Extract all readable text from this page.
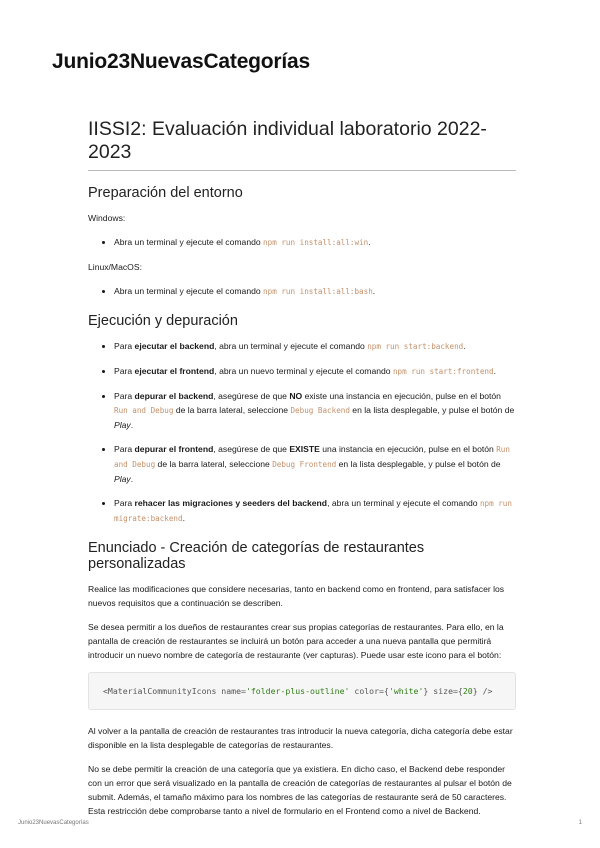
Junio23NuevasCategorías
IISSI2: Evaluación individual laboratorio 2022-2023
Preparación del entorno

Windows:

• Abra un terminal y ejecute el comando npm run install:all:win.

Linux/MacOS:

• Abra un terminal y ejecute el comando npm run install:all:bash.
Ejecución y depuración
• Para ejecutar el backend, abra un terminal y ejecute el comando npm run start:backend.
• Para ejecutar el frontend, abra un nuevo terminal y ejecute el comando npm run start:frontend.
• Para depurar el backend, asegúrese de que NO existe una instancia en ejecución, pulse en el botón Run and Debug de la barra lateral, seleccione Debug Backend en la lista desplegable, y pulse el botón de Play.
• Para depurar el frontend, asegúrese de que EXISTE una instancia en ejecución, pulse en el botón Run and Debug de la barra lateral, seleccione Debug Frontend en la lista desplegable, y pulse el botón de Play.
• Para rehacer las migraciones y seeders del backend, abra un terminal y ejecute el comando npm run migrate:backend.
Enunciado - Creación de categorías de restaurantes personalizadas

Realice las modificaciones que considere necesarias, tanto en backend como en frontend, para satisfacer los nuevos requisitos que a continuación se describen.

Se desea permitir a los dueños de restaurantes crear sus propias categorías de restaurantes. Para ello, en la pantalla de creación de restaurantes se incluirá un botón para acceder a una nueva pantalla que permitirá introducir un nuevo nombre de categoría de restaurante (ver capturas). Puede usar este icono para el botón:

<MaterialCommunityIcons name='folder-plus-outline' color={'white'} size={20} />

Al volver a la pantalla de creación de restaurantes tras introducir la nueva categoría, dicha categoría debe estar disponible en la lista desplegable de categorías de restaurantes.

No se debe permitir la creación de una categoría que ya existiera. En dicho caso, el Backend debe responder con un error que será visualizado en la pantalla de creación de categorías de restaurantes al pulsar el botón de submit. Además, el tamaño máximo para los nombres de las categorías de restaurante será de 50 caracteres. Esta restricción debe comprobarse tanto a nivel de formulario en el Frontend como a nivel de Backend.

Junio23NuevasCategorías	1
